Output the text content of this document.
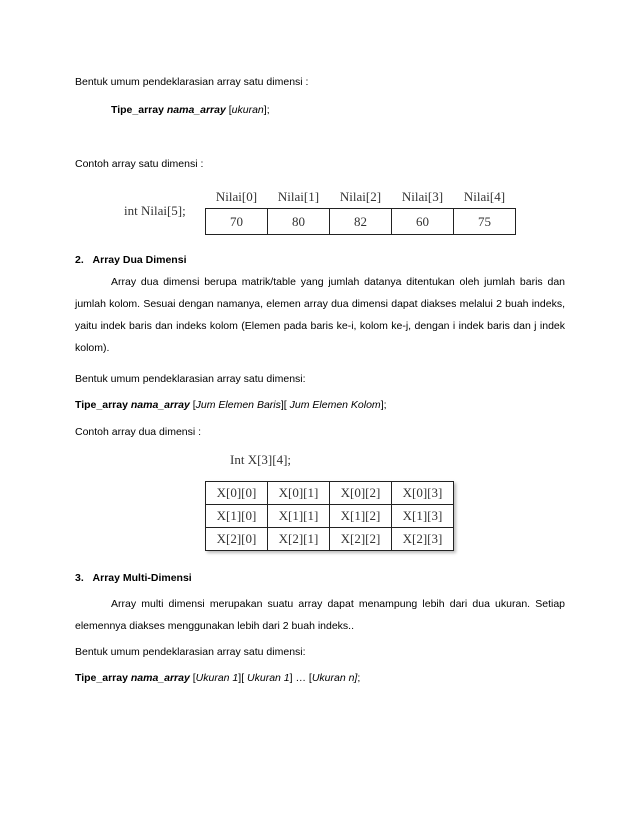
Bentuk umum pendeklarasian array satu dimensi :
Tipe_array nama_array [ukuran];
Contoh array satu dimensi :
int Nilai[5];
Nilai[0]	Nilai[1]	Nilai[2]	Nilai[3]	Nilai[4]
70	80	82	60	75
2. Array Dua Dimensi
Array dua dimensi berupa matrik/table yang jumlah datanya ditentukan oleh jumlah baris dan
jumlah kolom. Sesuai dengan namanya, elemen array dua dimensi dapat diakses melalui 2 buah indeks,
yaitu indek baris dan indeks kolom (Elemen pada baris ke-i, kolom ke-j, dengan i indek baris dan j indek
kolom).
Bentuk umum pendeklarasian array satu dimensi:
Tipe_array nama_array [Jum Elemen Baris][ Jum Elemen Kolom];
Contoh array dua dimensi :
Int X[3][4];
X[0][0]	X[0][1]	X[0][2]	X[0][3]
X[1][0]	X[1][1]	X[1][2]	X[1][3]
X[2][0]	X[2][1]	X[2][2]	X[2][3]
3. Array Multi-Dimensi
Array multi dimensi merupakan suatu array dapat menampung lebih dari dua ukuran. Setiap
elemennya diakses menggunakan lebih dari 2 buah indeks..
Bentuk umum pendeklarasian array satu dimensi:
Tipe_array nama_array [Ukuran 1][ Ukuran 1] … [Ukuran n];
